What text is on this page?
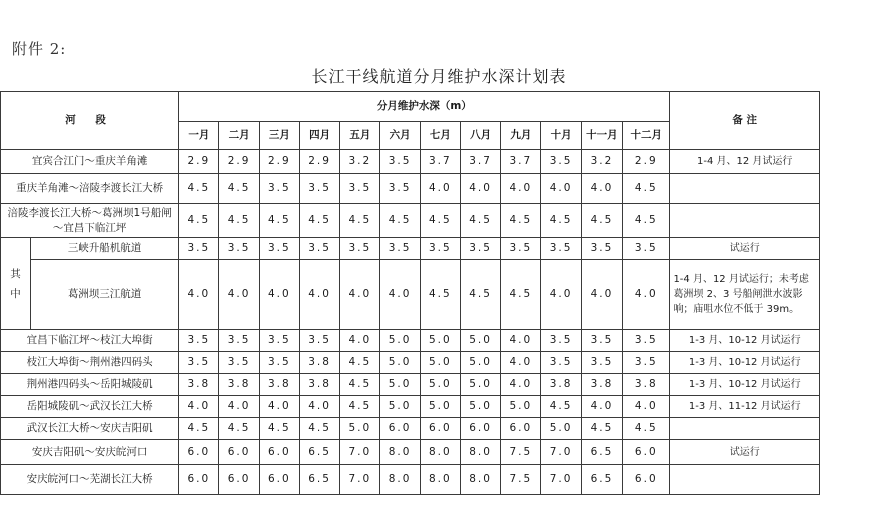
附件 2:
长江干线航道分月维护水深计划表
河 段		分月维护水深（m）												备 注
		一月	二月	三月	四月	五月	六月	七月	八月	九月	十月	十一月	十二月	
宜宾合江门～重庆羊角滩		2.9	2.9	2.9	2.9	3.2	3.5	3.7	3.7	3.7	3.5	3.2	2.9	1-4 月、12 月试运行
重庆羊角滩～涪陵李渡长江大桥		4.5	4.5	3.5	3.5	3.5	3.5	4.0	4.0	4.0	4.0	4.0	4.5	
涪陵李渡长江大桥～葛洲坝1号船闸～宜昌下临江坪		4.5	4.5	4.5	4.5	4.5	4.5	4.5	4.5	4.5	4.5	4.5	4.5	

其
中	三峡升船机航道	3.5	3.5	3.5	3.5	3.5	3.5	3.5	3.5	3.5	3.5	3.5	3.5	试运行
	葛洲坝三江航道	4.0	4.0	4.0	4.0	4.0	4.0	4.5	4.5	4.5	4.0	4.0	4.0	1-4 月、12 月试运行；未考虑葛洲坝 2、3 号船闸泄水波影响；庙咀水位不低于 39m。
宜昌下临江坪～枝江大埠街		3.5	3.5	3.5	3.5	4.0	5.0	5.0	5.0	4.0	3.5	3.5	3.5	1-3 月、10-12 月试运行
枝江大埠街～荆州港四码头		3.5	3.5	3.5	3.8	4.5	5.0	5.0	5.0	4.0	3.5	3.5	3.5	1-3 月、10-12 月试运行
荆州港四码头～岳阳城陵矶		3.8	3.8	3.8	3.8	4.5	5.0	5.0	5.0	4.0	3.8	3.8	3.8	1-3 月、10-12 月试运行
岳阳城陵矶～武汉长江大桥		4.0	4.0	4.0	4.0	4.5	5.0	5.0	5.0	5.0	4.5	4.0	4.0	1-3 月、11-12 月试运行
武汉长江大桥～安庆吉阳矶		4.5	4.5	4.5	4.5	5.0	6.0	6.0	6.0	6.0	5.0	4.5	4.5	
安庆吉阳矶～安庆皖河口		6.0	6.0	6.0	6.5	7.0	8.0	8.0	8.0	7.5	7.0	6.5	6.0	试运行
安庆皖河口～芜湖长江大桥		6.0	6.0	6.0	6.5	7.0	8.0	8.0	8.0	7.5	7.0	6.5	6.0	
